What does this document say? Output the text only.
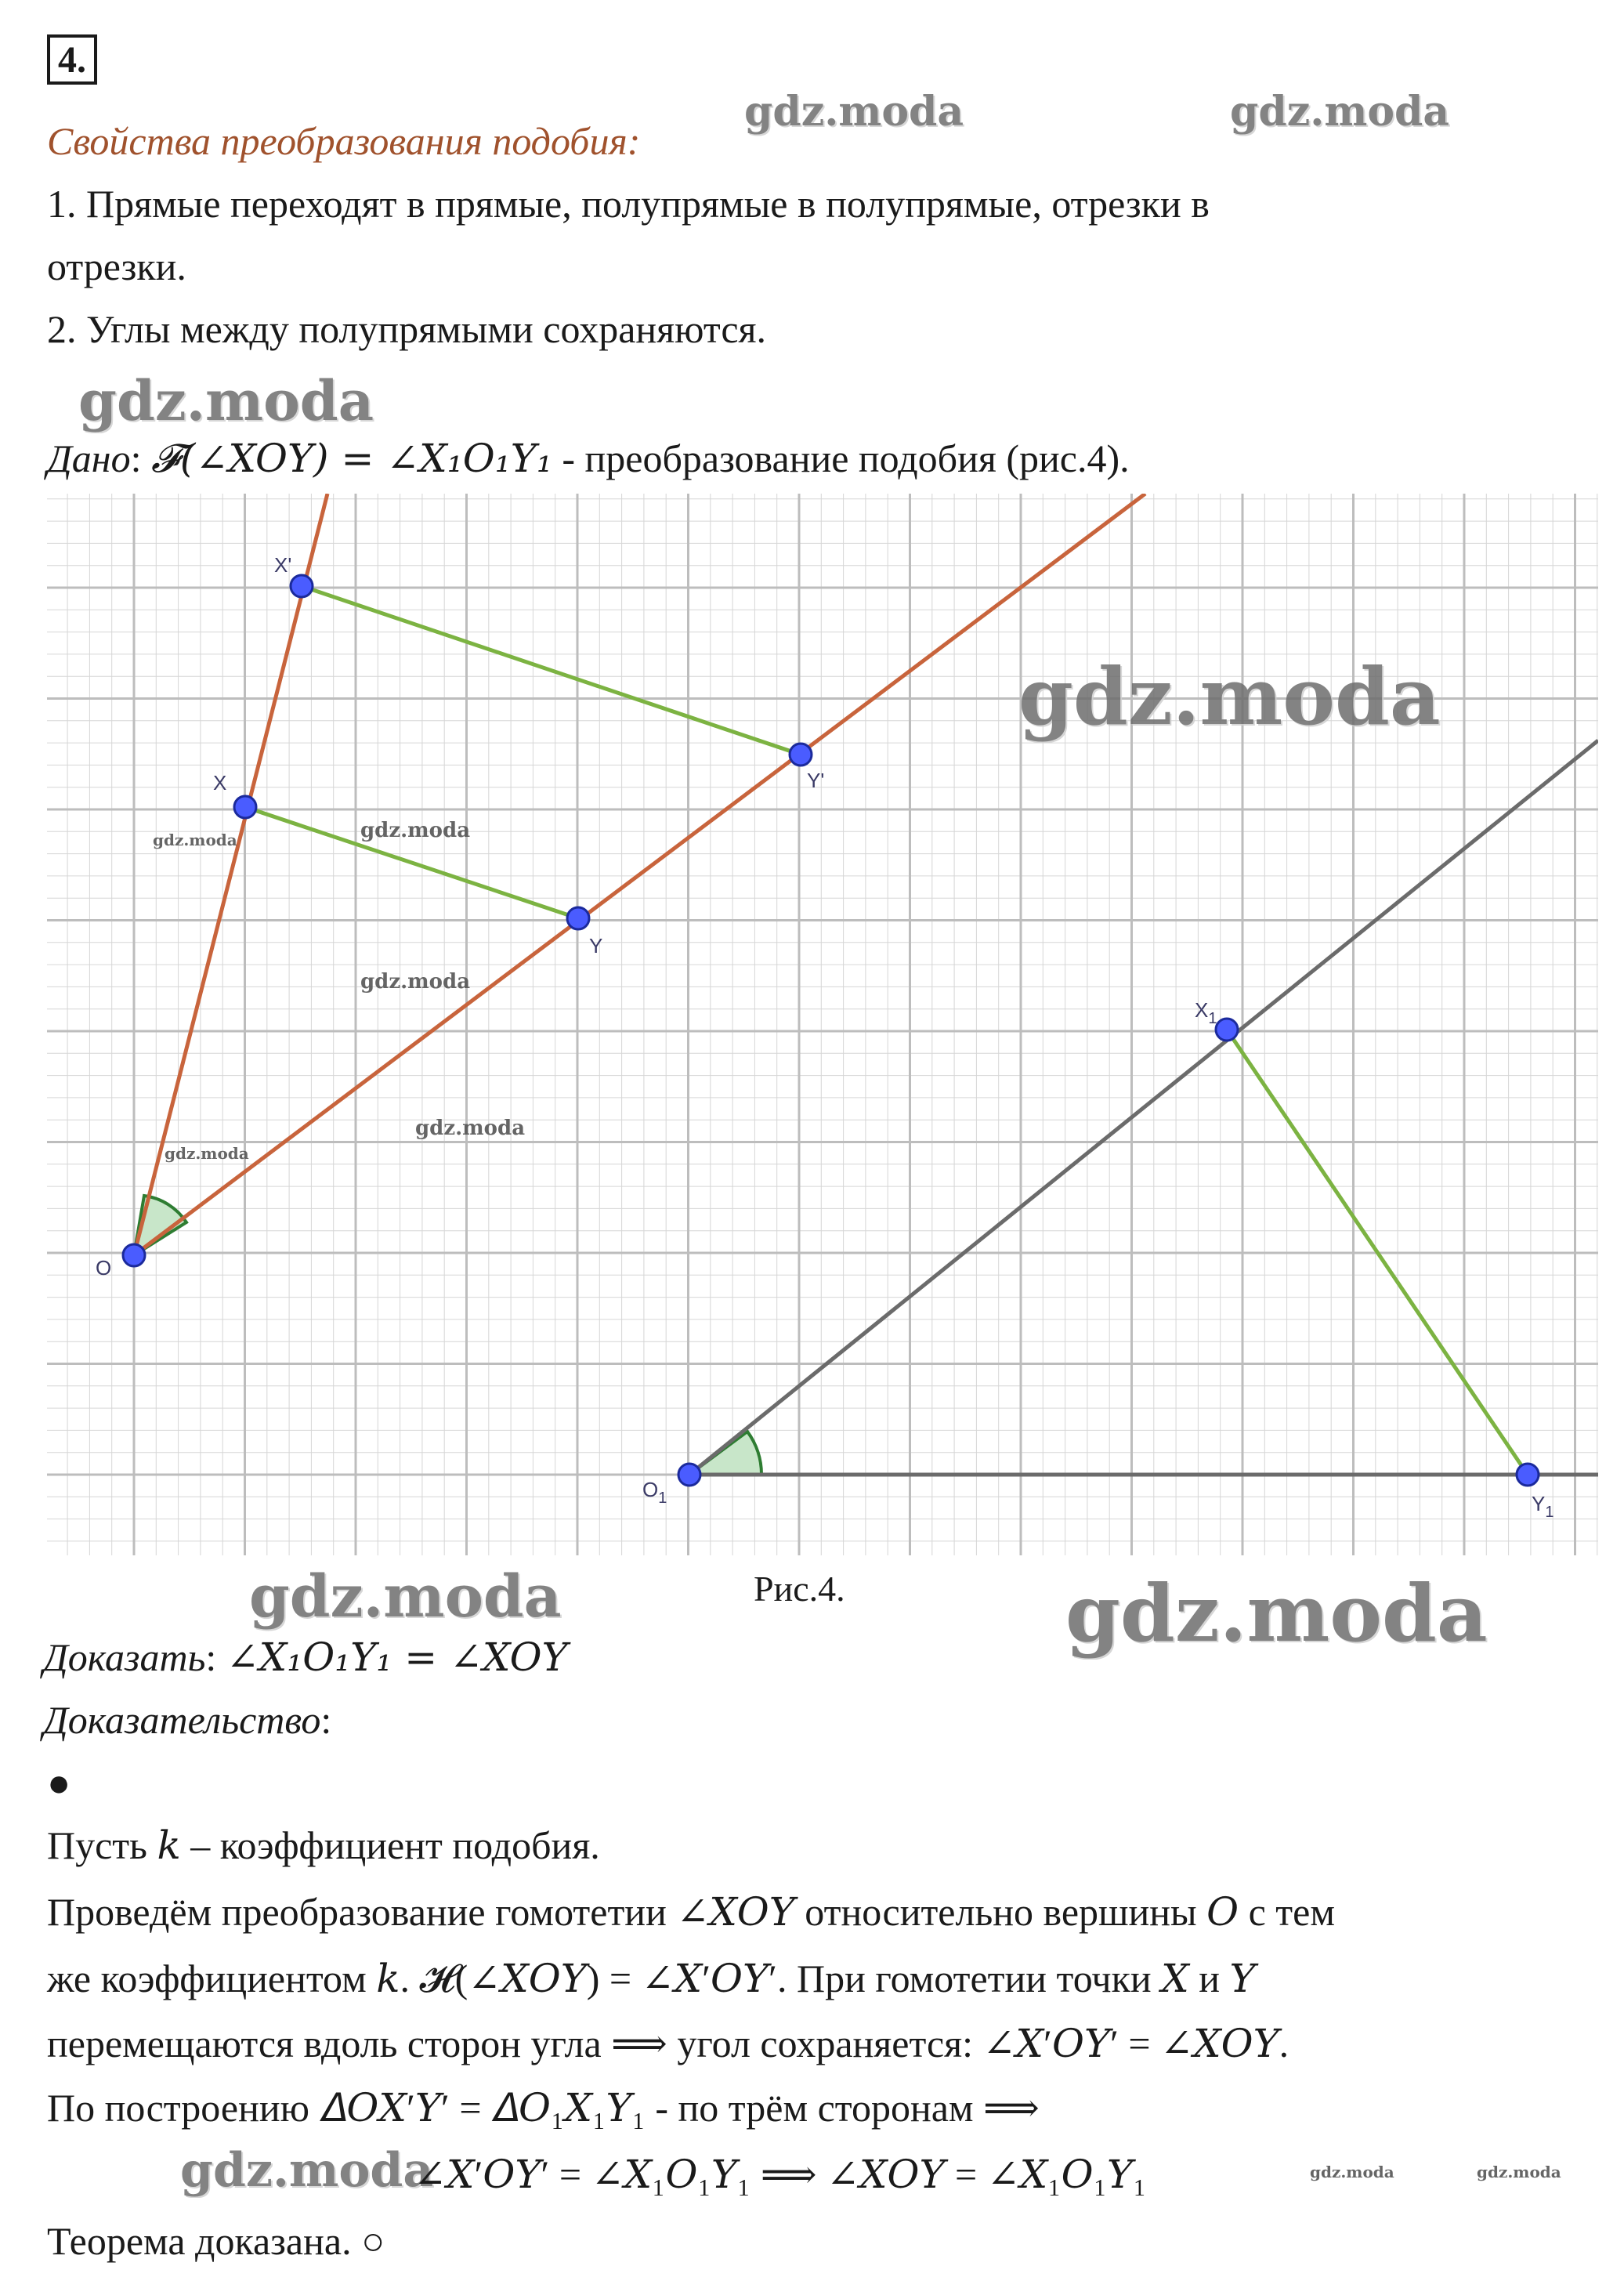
4.
gdz.moda	gdz.moda
gdz.moda
Свойства преобразования подобия:
1. Прямые переходят в прямые, полупрямые в полупрямые, отрезки в
отрезки.
2. Углы между полупрямыми сохраняются.
Дано: 𝓕(∠XOY) = ∠X₁O₁Y₁ - преобразование подобия (рис.4).
O
X
Y
X'
Y'
$O_1$
$X_1$
$Y_1$
gdz.moda
gdz.moda	gdz.moda
gdz.moda
gdz.moda
gdz.moda
gdz.moda	Рис.4.	gdz.moda
Доказать: ∠X₁O₁Y₁ = ∠XOY
Доказательство:
●
Пусть 𝑘 – коэффициент подобия.
Проведём преобразование гомотетии ∠𝑋𝑂𝑌 относительно вершины 𝑂 с тем
же коэффициентом 𝑘. 𝓗(∠𝑋𝑂𝑌) = ∠𝑋′𝑂𝑌′. При гомотетии точки 𝑋 и 𝑌
перемещаются вдоль сторон угла ⟹ угол сохраняется: ∠𝑋′𝑂𝑌′ = ∠𝑋𝑂𝑌.
По построению 𝛥𝑂𝑋′𝑌′ = 𝛥𝑂₁𝑋₁𝑌₁ - по трём сторонам ⟹
gdz.moda
∠𝑋′𝑂𝑌′ = ∠𝑋₁𝑂₁𝑌₁ ⟹ ∠𝑋𝑂𝑌 = ∠𝑋₁𝑂₁𝑌₁	gdz.moda	gdz.moda
Теорема доказана. ○
